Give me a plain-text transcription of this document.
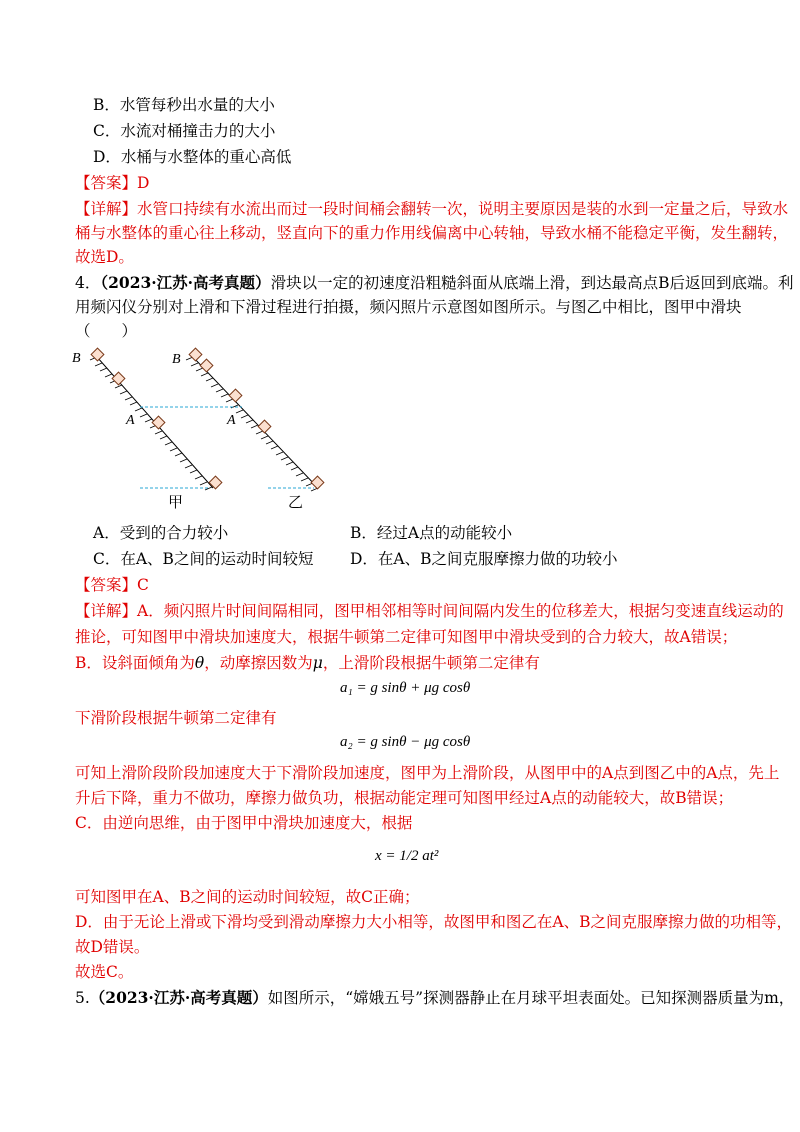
B．水管每秒出水量的大小
C．水流对桶撞击力的大小
D．水桶与水整体的重心高低
【答案】D
【详解】水管口持续有水流出而过一段时间桶会翻转一次，说明主要原因是装的水到一定量之后，导致水
桶与水整体的重心往上移动，竖直向下的重力作用线偏离中心转轴，导致水桶不能稳定平衡，发生翻转，
故选D。
4．（2023·江苏·高考真题）滑块以一定的初速度沿粗糙斜面从底端上滑，到达最高点B后返回到底端。利
用频闪仪分别对上滑和下滑过程进行拍摄，频闪照片示意图如图所示。与图乙中相比，图甲中滑块
（　　）
B	B
A	A
甲	乙
A．受到的合力较小	B．经过A点的动能较小
C．在A、B之间的运动时间较短 D．在A、B之间克服摩擦力做的功较小
【答案】C
【详解】A．频闪照片时间间隔相同，图甲相邻相等时间间隔内发生的位移差大，根据匀变速直线运动的
推论，可知图甲中滑块加速度大，根据牛顿第二定律可知图甲中滑块受到的合力较大，故A错误；
B．设斜面倾角为θ，动摩擦因数为μ，上滑阶段根据牛顿第二定律有
a₁ = g sinθ + μg cosθ
下滑阶段根据牛顿第二定律有
a₂ = g sinθ − μg cosθ
可知上滑阶段阶段加速度大于下滑阶段加速度，图甲为上滑阶段，从图甲中的A点到图乙中的A点，先上
升后下降，重力不做功，摩擦力做负功，根据动能定理可知图甲经过A点的动能较大，故B错误；
C．由逆向思维，由于图甲中滑块加速度大，根据
x = 1/2 at²
可知图甲在A、B之间的运动时间较短，故C正确；
D．由于无论上滑或下滑均受到滑动摩擦力大小相等，故图甲和图乙在A、B之间克服摩擦力做的功相等，
故D错误。
故选C。
5.（2023·江苏·高考真题）如图所示，“嫦娥五号”探测器静止在月球平坦表面处。已知探测器质量为m，
